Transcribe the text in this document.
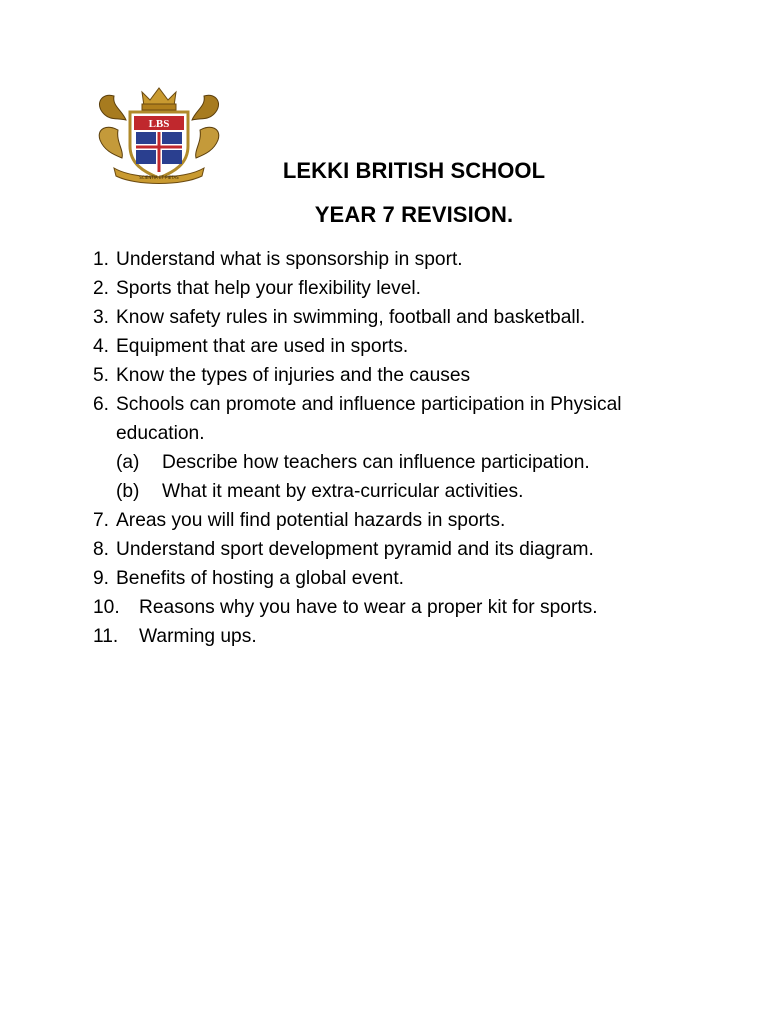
LBS
SCIENTIA ET PIETAS	LEKKI BRITISH SCHOOL
YEAR 7 REVISION.
1. Understand what is sponsorship in sport.
2. Sports that help your flexibility level.
3. Know safety rules in swimming, football and basketball.
4. Equipment that are used in sports.
5. Know the types of injuries and the causes
6. Schools can promote and influence participation in Physical
education.
(a) Describe how teachers can influence participation.
(b) What it meant by extra-curricular activities.
7. Areas you will find potential hazards in sports.
8. Understand sport development pyramid and its diagram.
9. Benefits of hosting a global event.
10. Reasons why you have to wear a proper kit for sports.
11. Warming ups.
